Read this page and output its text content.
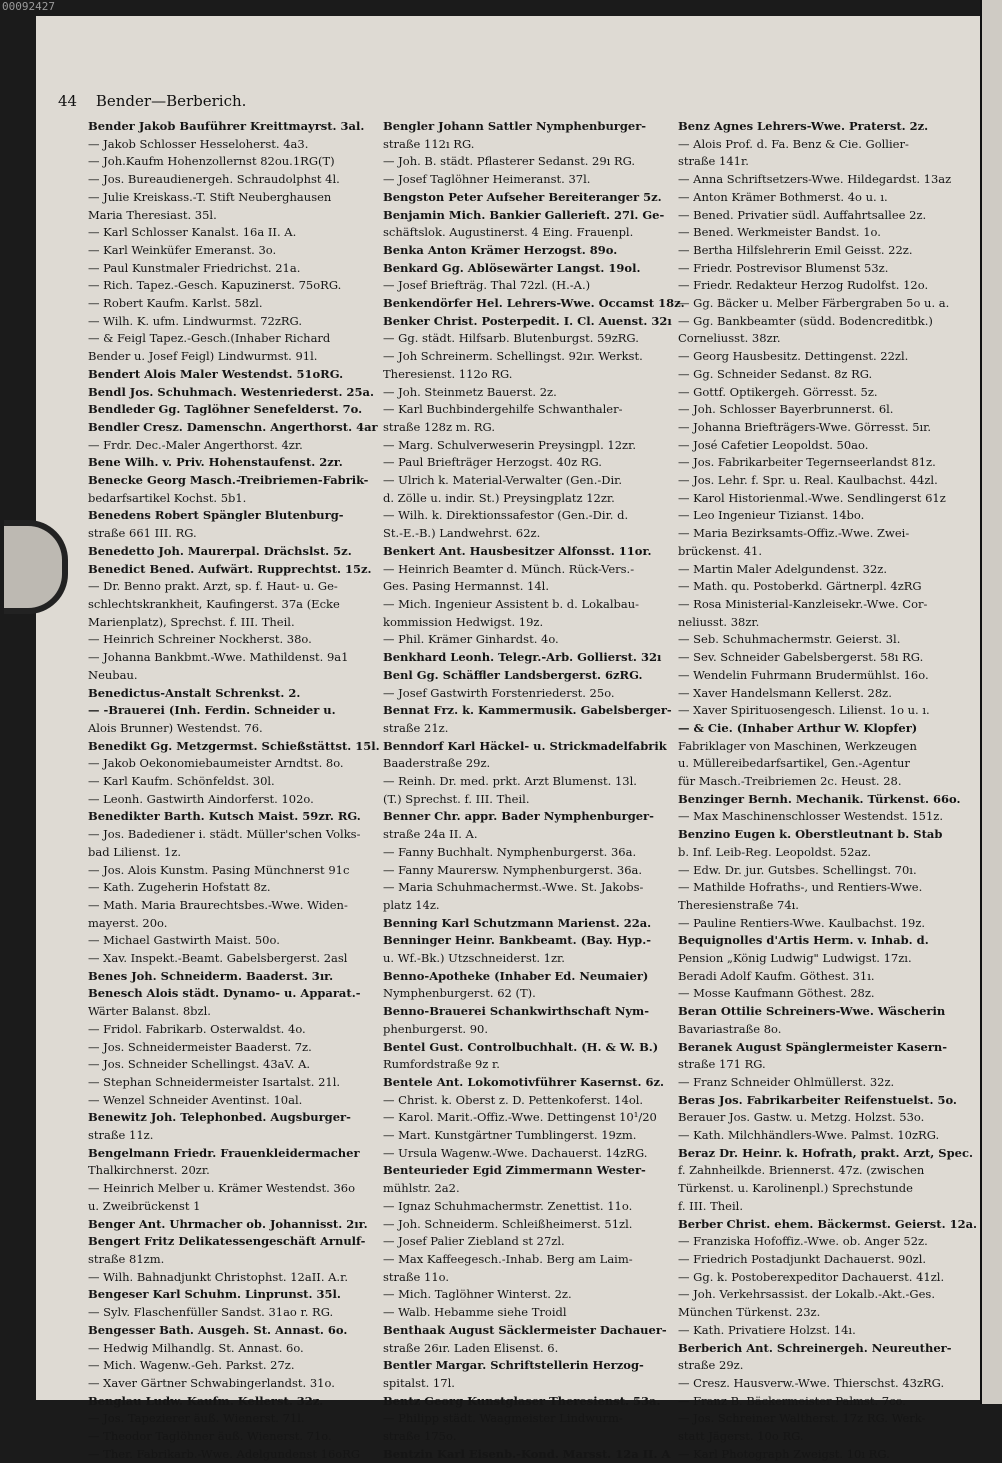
00092427
44 Bender—Berberich.
Bender Jakob Bauführer Kreittmayrst. 3al.
— Jakob Schlosser Hesseloherst. 4a3.
— Joh.Kaufm Hohenzollernst 82ou.1RG(T)
— Jos. Bureaudienergeh. Schraudolphst 4l.
— Julie Kreiskass.-T. Stift Neuberghausen
Maria Theresiast. 35l.
— Karl Schlosser Kanalst. 16a II. A.
— Karl Weinküfer Emeranst. 3o.
— Paul Kunstmaler Friedrichst. 21a.
— Rich. Tapez.-Gesch. Kapuzinerst. 75oRG.
— Robert Kaufm. Karlst. 58zl.
— Wilh. K. ufm. Lindwurmst. 72zRG.
— & Feigl Tapez.-Gesch.(Inhaber Richard
Bender u. Josef Feigl) Lindwurmst. 91l.
Bendert Alois Maler Westendst. 51oRG.
Bendl Jos. Schuhmach. Westenriederst. 25a.
Bendleder Gg. Taglöhner Senefelderst. 7o.
Bendler Cresz. Damenschn. Angerthorst. 4ar
— Frdr. Dec.-Maler Angerthorst. 4zr.
Bene Wilh. v. Priv. Hohenstaufenst. 2zr.
Benecke Georg Masch.-Treibriemen-Fabrik-
bedarfsartikel Kochst. 5b1.
Benedens Robert Spängler Blutenburg-
straße 661 III. RG.
Benedetto Joh. Maurerpal. Drächslst. 5z.
Benedict Bened. Aufwärt. Rupprechtst. 15z.
— Dr. Benno prakt. Arzt, sp. f. Haut- u. Ge-
schlechtskrankheit, Kaufingerst. 37a (Ecke
Marienplatz), Sprechst. f. III. Theil.
— Heinrich Schreiner Nockherst. 38o.
— Johanna Bankbmt.-Wwe. Mathildenst. 9a1
Neubau.
Benedictus-Anstalt Schrenkst. 2.
— -Brauerei (Inh. Ferdin. Schneider u.
Alois Brunner) Westendst. 76.
Benedikt Gg. Metzgermst. Schießstättst. 15l.
— Jakob Oekonomiebaumeister Arndtst. 8o.
— Karl Kaufm. Schönfeldst. 30l.
— Leonh. Gastwirth Aindorferst. 102o.
Benedikter Barth. Kutsch Maist. 59zr. RG.
— Jos. Badediener i. städt. Müller'schen Volks-
bad Lilienst. 1z.
— Jos. Alois Kunstm. Pasing Münchnerst 91c
— Kath. Zugeherin Hofstatt 8z.
— Math. Maria Braurechtsbes.-Wwe. Widen-
mayerst. 20o.
— Michael Gastwirth Maist. 50o.
— Xav. Inspekt.-Beamt. Gabelsbergerst. 2asl
Benes Joh. Schneiderm. Baaderst. 3ır.
Benesch Alois städt. Dynamo- u. Apparat.-
Wärter Balanst. 8bzl.
— Fridol. Fabrikarb. Osterwaldst. 4o.
— Jos. Schneidermeister Baaderst. 7z.
— Jos. Schneider Schellingst. 43aV. A.
— Stephan Schneidermeister Isartalst. 21l.
— Wenzel Schneider Aventinst. 10al.
Benewitz Joh. Telephonbed. Augsburger-
straße 11z.
Bengelmann Friedr. Frauenkleidermacher
Thalkirchnerst. 20zr.
— Heinrich Melber u. Krämer Westendst. 36o
u. Zweibrückenst 1
Benger Ant. Uhrmacher ob. Johannisst. 2ır.
Bengert Fritz Delikatessengeschäft Arnulf-
straße 81zm.
— Wilh. Bahnadjunkt Christophst. 12aII. A.r.
Bengeser Karl Schuhm. Linprunst. 35l.
— Sylv. Flaschenfüller Sandst. 31ao r. RG.
Bengesser Bath. Ausgeh. St. Annast. 6o.
— Hedwig Milhandlg. St. Annast. 6o.
— Mich. Wagenw.-Geh. Parkst. 27z.
— Xaver Gärtner Schwabingerlandst. 31o.
Benglau Ludw. Kaufm. Kellerst. 32z.
— Jos. Tapezierer äuß. Wienerst. 71l.
— Theodor Taglöhner äuß. Wienerst. 71o.
— Ther. Fabrikarb.-Wwe. Adelgundenst 16oRG
Bengler Johann Sattler Nymphenburger-
straße 112ı RG.
— Joh. B. städt. Pflasterer Sedanst. 29ı RG.
— Josef Taglöhner Heimeranst. 37l.
Bengston Peter Aufseher Bereiteranger 5z.
Benjamin Mich. Bankier Gallerieft. 27l. Ge-
schäftslok. Augustinerst. 4 Eing. Frauenpl.
Benka Anton Krämer Herzogst. 89o.
Benkard Gg. Ablösewärter Langst. 19ol.
— Josef Briefträg. Thal 72zl. (H.-A.)
Benkendörfer Hel. Lehrers-Wwe. Occamst 18z.
Benker Christ. Posterpedit. I. Cl. Auenst. 32ı
— Gg. städt. Hilfsarb. Blutenburgst. 59zRG.
— Joh Schreinerm. Schellingst. 92ır. Werkst.
Theresienst. 112o RG.
— Joh. Steinmetz Bauerst. 2z.
— Karl Buchbindergehilfe Schwanthaler-
straße 128z m. RG.
— Marg. Schulverweserin Preysingpl. 12zr.
— Paul Briefträger Herzogst. 40z RG.
— Ulrich k. Material-Verwalter (Gen.-Dir.
d. Zölle u. indir. St.) Preysingplatz 12zr.
— Wilh. k. Direktionssafestor (Gen.-Dir. d.
St.-E.-B.) Landwehrst. 62z.
Benkert Ant. Hausbesitzer Alfonsst. 11or.
— Heinrich Beamter d. Münch. Rück-Vers.-
Ges. Pasing Hermannst. 14l.
— Mich. Ingenieur Assistent b. d. Lokalbau-
kommission Hedwigst. 19z.
— Phil. Krämer Ginhardst. 4o.
Benkhard Leonh. Telegr.-Arb. Gollierst. 32ı
Benl Gg. Schäffler Landsbergerst. 6zRG.
— Josef Gastwirth Forstenriederst. 25o.
Bennat Frz. k. Kammermusik. Gabelsberger-
straße 21z.
Benndorf Karl Häckel- u. Strickmadelfabrik
Baaderstraße 29z.
— Reinh. Dr. med. prkt. Arzt Blumenst. 13l.
(T.) Sprechst. f. III. Theil.
Benner Chr. appr. Bader Nymphenburger-
straße 24a II. A.
— Fanny Buchhalt. Nymphenburgerst. 36a.
— Fanny Maurersw. Nymphenburgerst. 36a.
— Maria Schuhmachermst.-Wwe. St. Jakobs-
platz 14z.
Benning Karl Schutzmann Marienst. 22a.
Benninger Heinr. Bankbeamt. (Bay. Hyp.-
u. Wf.-Bk.) Utzschneiderst. 1zr.
Benno-Apotheke (Inhaber Ed. Neumaier)
Nymphenburgerst. 62 (T).
Benno-Brauerei Schankwirthschaft Nym-
phenburgerst. 90.
Bentel Gust. Controlbuchhalt. (H. & W. B.)
Rumfordstraße 9z r.
Bentele Ant. Lokomotivführer Kasernst. 6z.
— Christ. k. Oberst z. D. Pettenkoferst. 14ol.
— Karol. Marit.-Offiz.-Wwe. Dettingenst 10¹/20
— Mart. Kunstgärtner Tumblingerst. 19zm.
— Ursula Wagenw.-Wwe. Dachauerst. 14zRG.
Benteurieder Egid Zimmermann Wester-
mühlstr. 2a2.
— Ignaz Schuhmachermstr. Zenettist. 11o.
— Joh. Schneiderm. Schleißheimerst. 51zl.
— Josef Palier Ziebland st 27zl.
— Max Kaffeegesch.-Inhab. Berg am Laim-
straße 11o.
— Mich. Taglöhner Winterst. 2z.
— Walb. Hebamme siehe Troidl
Benthaak August Säcklermeister Dachauer-
straße 26ır. Laden Elisenst. 6.
Bentler Margar. Schriftstellerin Herzog-
spitalst. 17l.
Bentz Georg Kunstglaser Theresienst. 53a.
— Philipp städt. Waagmeister Lindwurm-
straße 175o.
Bentzin Karl Eisenb.-Kond. Marsst. 12a II. A
Benz Agnes Lehrers-Wwe. Praterst. 2z.
— Alois Prof. d. Fa. Benz & Cie. Gollier-
straße 141r.
— Anna Schriftsetzers-Wwe. Hildegardst. 13az
— Anton Krämer Bothmerst. 4o u. ı.
— Bened. Privatier südl. Auffahrtsallee 2z.
— Bened. Werkmeister Bandst. 1o.
— Bertha Hilfslehrerin Emil Geisst. 22z.
— Friedr. Postrevisor Blumenst 53z.
— Friedr. Redakteur Herzog Rudolfst. 12o.
— Gg. Bäcker u. Melber Färbergraben 5o u. a.
— Gg. Bankbeamter (südd. Bodencreditbk.)
Corneliusst. 38zr.
— Georg Hausbesitz. Dettingenst. 22zl.
— Gg. Schneider Sedanst. 8z RG.
— Gottf. Optikergeh. Görresst. 5z.
— Joh. Schlosser Bayerbrunnerst. 6l.
— Johanna Briefträgers-Wwe. Görresst. 5ır.
— José Cafetier Leopoldst. 50ao.
— Jos. Fabrikarbeiter Tegernseerlandst 81z.
— Jos. Lehr. f. Spr. u. Real. Kaulbachst. 44zl.
— Karol Historienmal.-Wwe. Sendlingerst 61z
— Leo Ingenieur Tizianst. 14bo.
— Maria Bezirksamts-Offiz.-Wwe. Zwei-
brückenst. 41.
— Martin Maler Adelgundenst. 32z.
— Math. qu. Postoberkd. Gärtnerpl. 4zRG
— Rosa Ministerial-Kanzleisekr.-Wwe. Cor-
neliusst. 38zr.
— Seb. Schuhmachermstr. Geierst. 3l.
— Sev. Schneider Gabelsbergerst. 58ı RG.
— Wendelin Fuhrmann Brudermühlst. 16o.
— Xaver Handelsmann Kellerst. 28z.
— Xaver Spirituosengesch. Lilienst. 1o u. ı.
— & Cie. (Inhaber Arthur W. Klopfer)
Fabriklager von Maschinen, Werkzeugen
u. Müllereibedarfsartikel, Gen.-Agentur
für Masch.-Treibriemen 2c. Heust. 28.
Benzinger Bernh. Mechanik. Türkenst. 66o.
— Max Maschinenschlosser Westendst. 151z.
Benzino Eugen k. Oberstleutnant b. Stab
b. Inf. Leib-Reg. Leopoldst. 52az.
— Edw. Dr. jur. Gutsbes. Schellingst. 70ı.
— Mathilde Hofraths-, und Rentiers-Wwe.
Theresienstraße 74ı.
— Pauline Rentiers-Wwe. Kaulbachst. 19z.
Bequignolles d'Artis Herm. v. Inhab. d.
Pension „König Ludwig" Ludwigst. 17zı.
Beradi Adolf Kaufm. Göthest. 31ı.
— Mosse Kaufmann Göthest. 28z.
Beran Ottilie Schreiners-Wwe. Wäscherin
Bavariastraße 8o.
Beranek August Spänglermeister Kasern-
straße 171 RG.
— Franz Schneider Ohlmüllerst. 32z.
Beras Jos. Fabrikarbeiter Reifenstuelst. 5o.
Berauer Jos. Gastw. u. Metzg. Holzst. 53o.
— Kath. Milchhändlers-Wwe. Palmst. 10zRG.
Beraz Dr. Heinr. k. Hofrath, prakt. Arzt, Spec.
f. Zahnheilkde. Briennerst. 47z. (zwischen
Türkenst. u. Karolinenpl.) Sprechstunde
f. III. Theil.
Berber Christ. ehem. Bäckermst. Geierst. 12a.
— Franziska Hofoffiz.-Wwe. ob. Anger 52z.
— Friedrich Postadjunkt Dachauerst. 90zl.
— Gg. k. Postoberexpeditor Dachauerst. 41zl.
— Joh. Verkehrsassist. der Lokalb.-Akt.-Ges.
München Türkenst. 23z.
— Kath. Privatiere Holzst. 14ı.
Berberich Ant. Schreinergeh. Neureuther-
straße 29z.
— Cresz. Hausverw.-Wwe. Thierschst. 43zRG.
— Franz B. Bäckermeister Palmst. 7co.
— Jos. Schreiner Waltherst. 17z RG. Werk-
statt Jägerst. 10o RG.
— Karl Photograph Zweigst. 10ı RG.
